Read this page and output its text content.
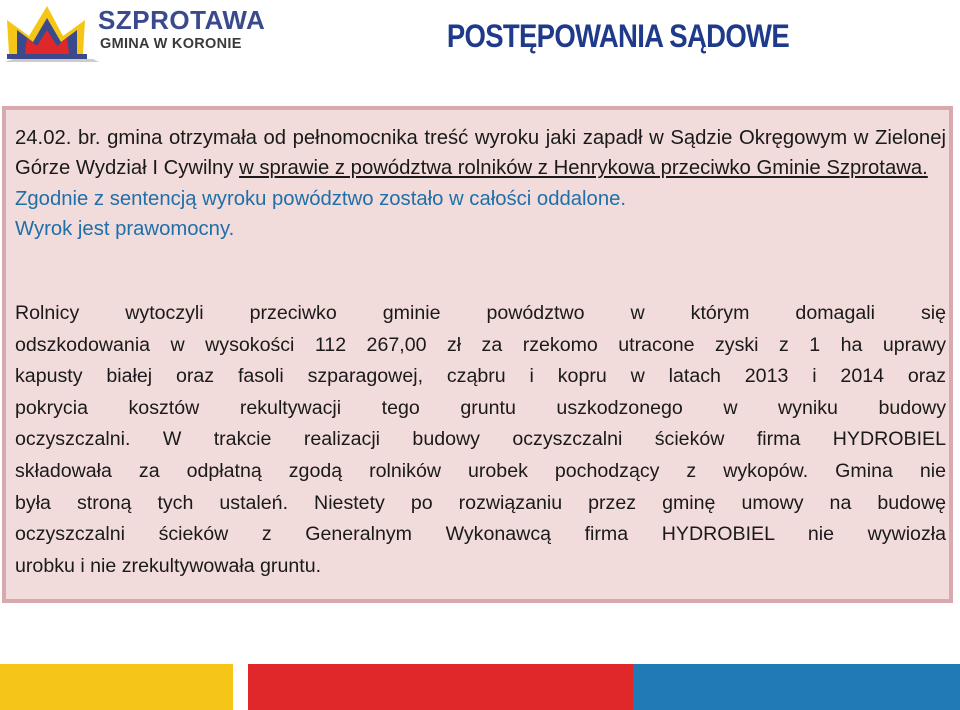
SZPROTAWA
GMINA W KORONIE	POSTĘPOWANIA SĄDOWE
24.02. br. gmina otrzymała od pełnomocnika treść wyroku jaki zapadł w Sądzie Okręgowym w Zielonej Górze Wydział I Cywilny w sprawie z powództwa rolników z Henrykowa przeciwko Gminie Szprotawa.
Zgodnie z sentencją wyroku powództwo zostało w całości oddalone.
Wyrok jest prawomocny.
Rolnicy wytoczyli przeciwko gminie powództwo w którym domagali się
odszkodowania w wysokości 112 267,00 zł za rzekomo utracone zyski z 1 ha uprawy
kapusty białej oraz fasoli szparagowej, cząbru i kopru w latach 2013 i 2014 oraz
pokrycia kosztów rekultywacji tego gruntu uszkodzonego w wyniku budowy
oczyszczalni. W trakcie realizacji budowy oczyszczalni ścieków firma HYDROBIEL
składowała za odpłatną zgodą rolników urobek pochodzący z wykopów. Gmina nie
była stroną tych ustaleń. Niestety po rozwiązaniu przez gminę umowy na budowę
oczyszczalni ścieków z Generalnym Wykonawcą firma HYDROBIEL nie wywiozła
urobku i nie zrekultywowała gruntu.
